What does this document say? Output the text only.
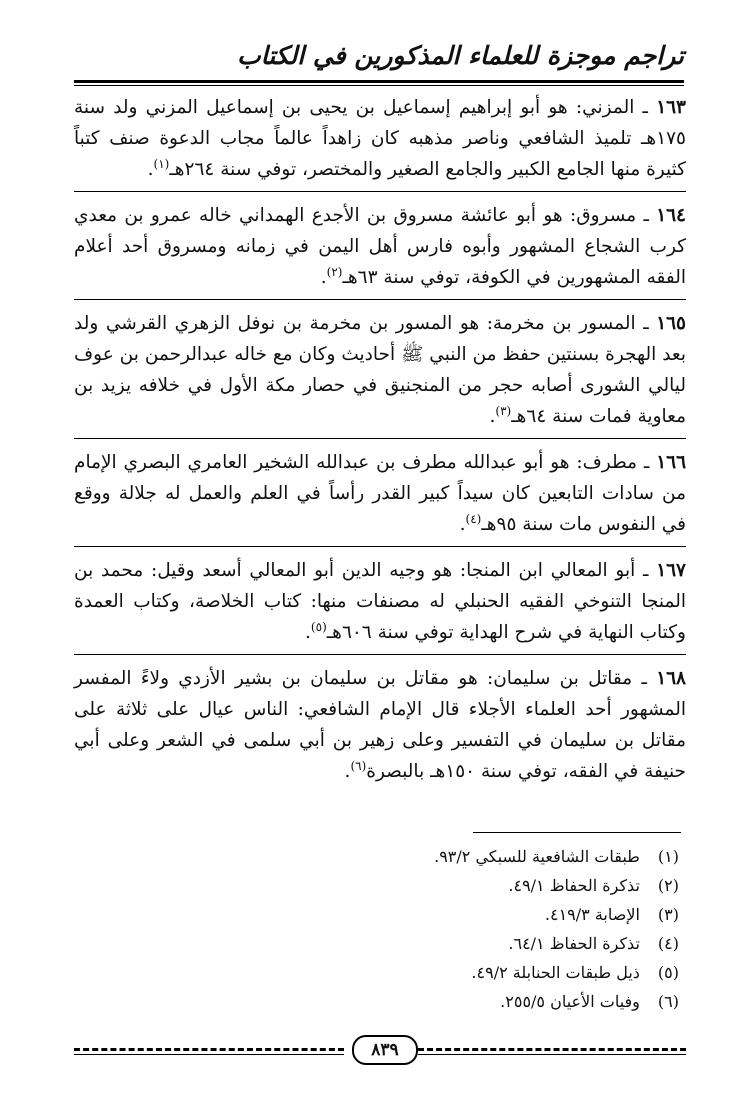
تراجم موجزة للعلماء المذكورين في الكتاب

١٦٣ ـ المزني: هو أبو إبراهيم إسماعيل بن يحيى بن إسماعيل المزني ولد سنة ١٧٥هـ تلميذ الشافعي وناصر مذهبه كان زاهداً عالماً مجاب الدعوة صنف كتباً كثيرة منها الجامع الكبير والجامع الصغير والمختصر، توفي سنة ٢٦٤هـ$^{(١)}$.

١٦٤ ـ مسروق: هو أبو عائشة مسروق بن الأجدع الهمداني خاله عمرو بن معدي كرب الشجاع المشهور وأبوه فارس أهل اليمن في زمانه ومسروق أحد أعلام الفقه المشهورين في الكوفة، توفي سنة ٦٣هـ$^{(٢)}$.

١٦٥ ـ المسور بن مخرمة: هو المسور بن مخرمة بن نوفل الزهري القرشي ولد بعد الهجرة بسنتين حفظ من النبي ﷺ أحاديث وكان مع خاله عبدالرحمن بن عوف ليالي الشورى أصابه حجر من المنجنيق في حصار مكة الأول في خلافه يزيد بن معاوية فمات سنة ٦٤هـ$^{(٣)}$.

١٦٦ ـ مطرف: هو أبو عبدالله مطرف بن عبدالله الشخير العامري البصري الإمام من سادات التابعين كان سيداً كبير القدر رأساً في العلم والعمل له جلالة ووقع في النفوس مات سنة ٩٥هـ$^{(٤)}$.

١٦٧ ـ أبو المعالي ابن المنجا: هو وجيه الدين أبو المعالي أسعد وقيل: محمد بن المنجا التنوخي الفقيه الحنبلي له مصنفات منها: كتاب الخلاصة، وكتاب العمدة وكتاب النهاية في شرح الهداية توفي سنة ٦٠٦هـ$^{(٥)}$.

١٦٨ ـ مقاتل بن سليمان: هو مقاتل بن سليمان بن بشير الأزدي ولاءً المفسر المشهور أحد العلماء الأجلاء قال الإمام الشافعي: الناس عيال على ثلاثة على مقاتل بن سليمان في التفسير وعلى زهير بن أبي سلمى في الشعر وعلى أبي حنيفة في الفقه، توفي سنة ١٥٠هـ بالبصرة$^{(٦)}$.

(١) طبقات الشافعية للسبكي ٩٣/٢.
(٢) تذكرة الحفاظ ٤٩/١.
(٣) الإصابة ٤١٩/٣.
(٤) تذكرة الحفاظ ٦٤/١.
(٥) ذيل طبقات الحنابلة ٤٩/٢.
(٦) وفيات الأعيان ٢٥٥/٥.
٨٣٩
